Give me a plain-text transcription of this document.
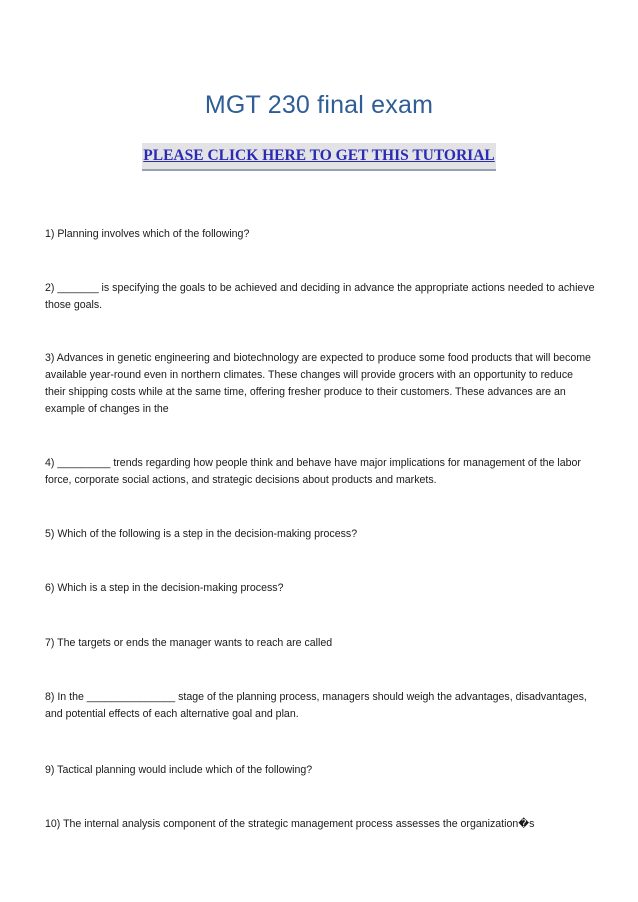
MGT 230 final exam
PLEASE CLICK HERE TO GET THIS TUTORIAL
1) Planning involves which of the following?
2) _______ is specifying the goals to be achieved and deciding in advance the appropriate actions needed to achieve those goals.
3) Advances in genetic engineering and biotechnology are expected to produce some food products that will become available year-round even in northern climates. These changes will provide grocers with an opportunity to reduce their shipping costs while at the same time, offering fresher produce to their customers. These advances are an example of changes in the
4) _________ trends regarding how people think and behave have major implications for management of the labor force, corporate social actions, and strategic decisions about products and markets.
5) Which of the following is a step in the decision-making process?
6) Which is a step in the decision-making process?
7) The targets or ends the manager wants to reach are called
8) In the _______________ stage of the planning process, managers should weigh the advantages, disadvantages, and potential effects of each alternative goal and plan.
9) Tactical planning would include which of the following?
10) The internal analysis component of the strategic management process assesses the organization�s
